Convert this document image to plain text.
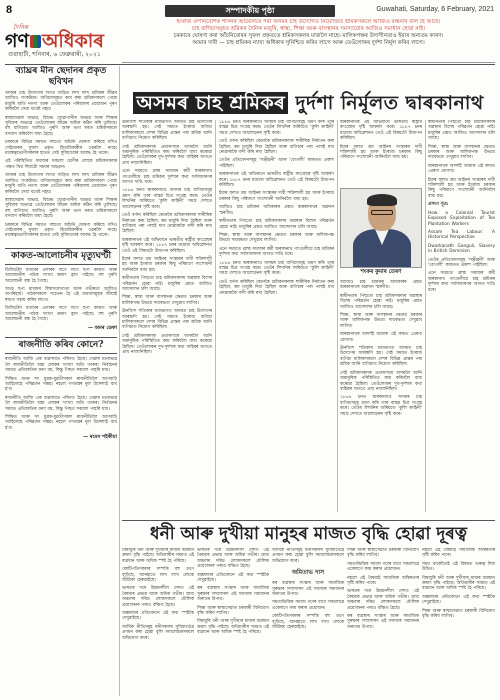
8	সম্পাদকীয় পৃষ্ঠা	Guwahati, Saturday, 6 February, 2021
দৈনিক
গণ অধিকাৰ
গুৱাহাটী, শনিবাৰ, ৬ ফেব্ৰুৱাৰী, ২০২১
ইংৰাজ ঔপনিবেশিক শাসনৰ আমোলৰে পৰা অসমৰ চাহ উদ্যোগত নিয়োজিত শ্ৰমিকসকলে আজিও বঞ্চনাৰ বলি হৈ আছে।
চাহ বাগিচাসমূহত শ্ৰমিকৰ দৈনিক মজুৰি, স্বাস্থ্য, শিক্ষা আৰু বাসস্থানৰ সমস্যাবোৰ আজিও সমাধান হোৱা নাই।
চৰকাৰে ঘোষণা কৰা আঁচনিবোৰৰ সুফল প্ৰকৃততে শ্ৰমিকসকলৰ মাজলৈ নাহে। মালিকপক্ষৰ উদাসীনতাও ইয়াৰ অন্যতম কাৰণ।
আমাৰ দাবী — চাহ শ্ৰমিকৰ ন্যায্য অধিকাৰ সুনিশ্চিত কৰিব লাগে আৰু তেওঁলোকৰ দুৰ্দশা নিৰ্মূল কৰিব লাগে।
ব্যাঘ্ৰৰ মীন ছেদানৰ প্ৰকৃত ছবিখন

অসমৰ চাহ উদ্যোগৰ লগত জড়িত লাখ লাখ শ্ৰমিকৰ জীৱন আজিও সংকটময়। বাগিচাসমূহত কাম কৰা শ্ৰমিকসকলে পোৱা মজুৰি অতি নগণ্য আৰু তেওঁলোকৰ পৰিয়ালৰ প্ৰয়োজন পূৰণ কৰিবলৈ সেয়া যথেষ্ট নহয়।

স্বাস্থ্যসেৱাৰ অভাৱ, বিশুদ্ধ খোৱাপানীৰ অভাৱ আৰু শিক্ষাৰ সুবিধাৰ অভাৱে তেওঁলোকৰ জীৱন অধিক কঠিন কৰি তুলিছে। বহু বাগিচাত আজিও পুৰণি আৰু ভগা ঘৰত শ্ৰমিকসকলে বসবাস কৰিবলৈ বাধ্য হৈছে।

চৰকাৰে বিভিন্ন সময়ত বহুতো আঁচনি ঘোষণা কৰিছে যদিও সেইবোৰৰ সুফল প্ৰকৃত হিতাধিকাৰীৰ ওচৰলৈ নাহে। মধ্যস্বত্বভোগীসকলৰ হাতত সেই সুবিধাবোৰ আবদ্ধ হৈ থাকে।

এই পৰিস্থিতিত সমাজৰ সকলো শ্ৰেণীৰ লোকে শ্ৰমিকসকলৰ পক্ষত থিয় দিয়াটো সময়ৰ আহ্বান।

অসমৰ চাহ উদ্যোগৰ লগত জড়িত লাখ লাখ শ্ৰমিকৰ জীৱন আজিও সংকটময়। বাগিচাসমূহত কাম কৰা শ্ৰমিকসকলে পোৱা মজুৰি অতি নগণ্য আৰু তেওঁলোকৰ পৰিয়ালৰ প্ৰয়োজন পূৰণ কৰিবলৈ সেয়া যথেষ্ট নহয়।

স্বাস্থ্যসেৱাৰ অভাৱ, বিশুদ্ধ খোৱাপানীৰ অভাৱ আৰু শিক্ষাৰ সুবিধাৰ অভাৱে তেওঁলোকৰ জীৱন অধিক কঠিন কৰি তুলিছে। বহু বাগিচাত আজিও পুৰণি আৰু ভগা ঘৰত শ্ৰমিকসকলে বসবাস কৰিবলৈ বাধ্য হৈছে।

চৰকাৰে বিভিন্ন সময়ত বহুতো আঁচনি ঘোষণা কৰিছে যদিও সেইবোৰৰ সুফল প্ৰকৃত হিতাধিকাৰীৰ ওচৰলৈ নাহে। মধ্যস্বত্বভোগীসকলৰ হাতত সেই সুবিধাবোৰ আবদ্ধ হৈ থাকে।

কাকত-আলোচনীৰ মৃত্যুঘণ্টী

ডিজিটেল মাধ্যমৰ প্ৰসাৰৰ লগে লগে ছপা কাকত আৰু আলোচনীৰ পাঠক সংখ্যা ক্ৰমাৎ হ্ৰাস পাইছে। বহু পুৰণি আলোচনী বন্ধ হৈ গৈছে।

অথচ ছপা মাধ্যমৰ বিশ্বাসযোগ্যতা আৰু গভীৰতা আজিও অপৰিহাৰ্য। পাঠকসকলে সচেতন হৈ এই মাধ্যমসমূহক জীয়াই ৰখাত সহায় কৰিব লাগে।

ডিজিটেল মাধ্যমৰ প্ৰসাৰৰ লগে লগে ছপা কাকত আৰু আলোচনীৰ পাঠক সংখ্যা ক্ৰমাৎ হ্ৰাস পাইছে। বহু পুৰণি আলোচনী বন্ধ হৈ গৈছে।

— অমৰ ডেকা
ৰাজনীতি কৰিব কোনে?

ৰাজনীতি আজি এক ব্যৱসায়ত পৰিণত হৈছে। সেৱাৰ মনোভাৱ লৈ ৰাজনীতিলৈ অহা লোকৰ সংখ্যা অতি তাকৰ। নিৰ্বাচনৰ সময়ত প্ৰতিশ্ৰুতিৰ বন্যা বয়, কিন্তু পিছত সকলো পাহৰি যায়।

শিক্ষিত আৰু সৎ যুৱক-যুৱতীসকল ৰাজনীতিলৈ আগবাঢ়ি আহিলেহে পৰিৱৰ্তন সম্ভৱ। নহলে গণতন্ত্ৰৰ মূল উদ্দেশ্যই ব্যৰ্থ হ'ব।

ৰাজনীতি আজি এক ব্যৱসায়ত পৰিণত হৈছে। সেৱাৰ মনোভাৱ লৈ ৰাজনীতিলৈ অহা লোকৰ সংখ্যা অতি তাকৰ। নিৰ্বাচনৰ সময়ত প্ৰতিশ্ৰুতিৰ বন্যা বয়, কিন্তু পিছত সকলো পাহৰি যায়।

শিক্ষিত আৰু সৎ যুৱক-যুৱতীসকল ৰাজনীতিলৈ আগবাঢ়ি আহিলেহে পৰিৱৰ্তন সম্ভৱ। নহলে গণতন্ত্ৰৰ মূল উদ্দেশ্যই ব্যৰ্থ হ'ব।

— ৰমেন শইকীয়া
অসমৰ চাহ শ্ৰমিকৰ দুৰ্দশা নিৰ্মূলত দ্বাৰকানাথ

ঊনবিংশ শতিকাৰ মধ্যভাগত অসমত চাহ উদ্যোগৰ আৰম্ভণি হয়। সেই সময়ত ইংৰাজ বাগিচা মালিকসকলে দেশৰ বিভিন্ন প্ৰান্তৰ পৰা শ্ৰমিক আনি বাগিচাত নিয়োগ কৰিছিল।

সেই শ্ৰমিকসকলক প্ৰতাৰণাৰে অসমলৈ আনি অমানুষিক পৰিস্থিতিত কাম কৰিবলৈ বাধ্য কৰোৱা হৈছিল। তেওঁলোকৰ দুখ-দুৰ্দশাৰ কথা বাহিৰৰ জগতে প্ৰায় নাজানিছিল।

এনে সময়তে ব্ৰাহ্ম সমাজৰ কৰ্মী দ্বাৰকানাথ গাংগুলীয়ে চাহ শ্ৰমিকৰ দুৰ্দশাৰ কথা সৰ্বসাধাৰণৰ আগত দাঙি ধৰে।

১৮৮৬ চনত দ্বাৰকানাথে অসমৰ চাহ বাগিচাসমূহ ভ্ৰমণ কৰি তাৰ বাস্তৱ চিত্ৰ সংগ্ৰহ কৰে। তেওঁৰ লিখনিৰ জৰিয়তে 'কুলি কাহিনী' সমগ্ৰ দেশতে আলোড়নৰ সৃষ্টি কৰে।

তেওঁ বৰ্ণনা কৰিছিল কেনেকৈ শ্ৰমিকসকলক শাৰীৰিক নিৰ্যাতন কৰা হৈছিল, কম মজুৰি দিয়া হৈছিল আৰু বাগিচাৰ পৰা পলাই যাব নোৱাৰাকৈ বন্দী কৰি ৰখা হৈছিল।

দ্বাৰকানাথৰ এই অভিযানে ভাৰতীয় ৰাষ্ট্ৰীয় কংগ্ৰেছৰ দৃষ্টি আকৰ্ষণ কৰে। ১৮৮৭ চনৰ মাদ্ৰাজ অধিৱেশনত তেওঁ এই বিষয়টো উত্থাপন কৰিছিল।

ইয়াৰ ফলত শ্ৰম আইনৰ সংস্কাৰৰ দাবী শক্তিশালী হয় আৰু ইংৰাজ চৰকাৰ কিছু পৰিমাণে সংশোধনী আনিবলৈ বাধ্য হয়।

স্বাধীনতাৰ পিছতো চাহ শ্ৰমিকসকলৰ অৱস্থাৰ বিশেষ পৰিৱৰ্তন হোৱা নাই। মজুৰিৰ প্ৰশ্নত আজিও আন্দোলন চলি আছে।

শিক্ষা, স্বাস্থ্য আৰু বাসস্থানৰ ক্ষেত্ৰত চৰকাৰ আৰু মালিকপক্ষ উভয়ে দায়বদ্ধতা দেখুৱাব লাগিব।

ঊনবিংশ শতিকাৰ মধ্যভাগত অসমত চাহ উদ্যোগৰ আৰম্ভণি হয়। সেই সময়ত ইংৰাজ বাগিচা মালিকসকলে দেশৰ বিভিন্ন প্ৰান্তৰ পৰা শ্ৰমিক আনি বাগিচাত নিয়োগ কৰিছিল।

সেই শ্ৰমিকসকলক প্ৰতাৰণাৰে অসমলৈ আনি অমানুষিক পৰিস্থিতিত কাম কৰিবলৈ বাধ্য কৰোৱা হৈছিল। তেওঁলোকৰ দুখ-দুৰ্দশাৰ কথা বাহিৰৰ জগতে প্ৰায় নাজানিছিল।

১৮৮৬ চনত দ্বাৰকানাথে অসমৰ চাহ বাগিচাসমূহ ভ্ৰমণ কৰি তাৰ বাস্তৱ চিত্ৰ সংগ্ৰহ কৰে। তেওঁৰ লিখনিৰ জৰিয়তে 'কুলি কাহিনী' সমগ্ৰ দেশতে আলোড়নৰ সৃষ্টি কৰে।

তেওঁ বৰ্ণনা কৰিছিল কেনেকৈ শ্ৰমিকসকলক শাৰীৰিক নিৰ্যাতন কৰা হৈছিল, কম মজুৰি দিয়া হৈছিল আৰু বাগিচাৰ পৰা পলাই যাব নোৱাৰাকৈ বন্দী কৰি ৰখা হৈছিল।

তেওঁৰ প্ৰতিবেদনসমূহ 'সঞ্জীৱনী' আৰু 'বেংগলী' কাকতত প্ৰকাশ পাইছিল।

দ্বাৰকানাথৰ এই অভিযানে ভাৰতীয় ৰাষ্ট্ৰীয় কংগ্ৰেছৰ দৃষ্টি আকৰ্ষণ কৰে। ১৮৮৭ চনৰ মাদ্ৰাজ অধিৱেশনত তেওঁ এই বিষয়টো উত্থাপন কৰিছিল।

ইয়াৰ ফলত শ্ৰম আইনৰ সংস্কাৰৰ দাবী শক্তিশালী হয় আৰু ইংৰাজ চৰকাৰ কিছু পৰিমাণে সংশোধনী আনিবলৈ বাধ্য হয়।

আজিও চাহ শ্ৰমিকৰ অধিকাৰৰ প্ৰশ্নত দ্বাৰকানাথৰ অৱদান স্মৰণীয়।

স্বাধীনতাৰ পিছতো চাহ শ্ৰমিকসকলৰ অৱস্থাৰ বিশেষ পৰিৱৰ্তন হোৱা নাই। মজুৰিৰ প্ৰশ্নত আজিও আন্দোলন চলি আছে।

শিক্ষা, স্বাস্থ্য আৰু বাসস্থানৰ ক্ষেত্ৰত চৰকাৰ আৰু মালিকপক্ষ উভয়ে দায়বদ্ধতা দেখুৱাব লাগিব।

এনে সময়তে ব্ৰাহ্ম সমাজৰ কৰ্মী দ্বাৰকানাথ গাংগুলীয়ে চাহ শ্ৰমিকৰ দুৰ্দশাৰ কথা সৰ্বসাধাৰণৰ আগত দাঙি ধৰে।

১৮৮৬ চনত দ্বাৰকানাথে অসমৰ চাহ বাগিচাসমূহ ভ্ৰমণ কৰি তাৰ বাস্তৱ চিত্ৰ সংগ্ৰহ কৰে। তেওঁৰ লিখনিৰ জৰিয়তে 'কুলি কাহিনী' সমগ্ৰ দেশতে আলোড়নৰ সৃষ্টি কৰে।

তেওঁ বৰ্ণনা কৰিছিল কেনেকৈ শ্ৰমিকসকলক শাৰীৰিক নিৰ্যাতন কৰা হৈছিল, কম মজুৰি দিয়া হৈছিল আৰু বাগিচাৰ পৰা পলাই যাব নোৱাৰাকৈ বন্দী কৰি ৰখা হৈছিল।

দ্বাৰকানাথৰ এই অভিযানে ভাৰতীয় ৰাষ্ট্ৰীয় কংগ্ৰেছৰ দৃষ্টি আকৰ্ষণ কৰে। ১৮৮৭ চনৰ মাদ্ৰাজ অধিৱেশনত তেওঁ এই বিষয়টো উত্থাপন কৰিছিল।

ইয়াৰ ফলত শ্ৰম আইনৰ সংস্কাৰৰ দাবী শক্তিশালী হয় আৰু ইংৰাজ চৰকাৰ কিছু পৰিমাণে সংশোধনী আনিবলৈ বাধ্য হয়।

শংকৰ কুমাৰ তেৰণ

আজিও চাহ শ্ৰমিকৰ অধিকাৰৰ প্ৰশ্নত দ্বাৰকানাথৰ অৱদান স্মৰণীয়।

স্বাধীনতাৰ পিছতো চাহ শ্ৰমিকসকলৰ অৱস্থাৰ বিশেষ পৰিৱৰ্তন হোৱা নাই। মজুৰিৰ প্ৰশ্নত আজিও আন্দোলন চলি আছে।

শিক্ষা, স্বাস্থ্য আৰু বাসস্থানৰ ক্ষেত্ৰত চৰকাৰ আৰু মালিকপক্ষ উভয়ে দায়বদ্ধতা দেখুৱাব লাগিব।

দ্বাৰকানাথৰ আদৰ্শই আমাক এই কামত প্ৰেৰণা যোগাব।

ঊনবিংশ শতিকাৰ মধ্যভাগত অসমত চাহ উদ্যোগৰ আৰম্ভণি হয়। সেই সময়ত ইংৰাজ বাগিচা মালিকসকলে দেশৰ বিভিন্ন প্ৰান্তৰ পৰা শ্ৰমিক আনি বাগিচাত নিয়োগ কৰিছিল।

সেই শ্ৰমিকসকলক প্ৰতাৰণাৰে অসমলৈ আনি অমানুষিক পৰিস্থিতিত কাম কৰিবলৈ বাধ্য কৰোৱা হৈছিল। তেওঁলোকৰ দুখ-দুৰ্দশাৰ কথা বাহিৰৰ জগতে প্ৰায় নাজানিছিল।

১৮৮৬ চনত দ্বাৰকানাথে অসমৰ চাহ বাগিচাসমূহ ভ্ৰমণ কৰি তাৰ বাস্তৱ চিত্ৰ সংগ্ৰহ কৰে। তেওঁৰ লিখনিৰ জৰিয়তে 'কুলি কাহিনী' সমগ্ৰ দেশতে আলোড়নৰ সৃষ্টি কৰে।

স্বাধীনতাৰ পিছতো চাহ শ্ৰমিকসকলৰ অৱস্থাৰ বিশেষ পৰিৱৰ্তন হোৱা নাই। মজুৰিৰ প্ৰশ্নত আজিও আন্দোলন চলি আছে।

শিক্ষা, স্বাস্থ্য আৰু বাসস্থানৰ ক্ষেত্ৰত চৰকাৰ আৰু মালিকপক্ষ উভয়ে দায়বদ্ধতা দেখুৱাব লাগিব।

দ্বাৰকানাথৰ আদৰ্শই আমাক এই কামত প্ৰেৰণা যোগাব।

ইয়াৰ ফলত শ্ৰম আইনৰ সংস্কাৰৰ দাবী শক্তিশালী হয় আৰু ইংৰাজ চৰকাৰ কিছু পৰিমাণে সংশোধনী আনিবলৈ বাধ্য হয়।

প্ৰসংগ সূত্ৰ:

How a Colonial Tourist Exposed Exploitation of Tea Plantation Workers

Assam Tea Labour: A Historical Perspective

Dwarkanath Ganguli, Slavery in British Dominion

তেওঁৰ প্ৰতিবেদনসমূহ 'সঞ্জীৱনী' আৰু 'বেংগলী' কাকতত প্ৰকাশ পাইছিল।

এনে সময়তে ব্ৰাহ্ম সমাজৰ কৰ্মী দ্বাৰকানাথ গাংগুলীয়ে চাহ শ্ৰমিকৰ দুৰ্দশাৰ কথা সৰ্বসাধাৰণৰ আগত দাঙি ধৰে।

ধনী আৰু দুখীয়া মানুহৰ মাজত বৃদ্ধি হোৱা দূৰত্ব

বিশ্বজুৰি ধনী আৰু দুখীয়াৰ মাজৰ ব্যৱধান ক্ৰমাৎ বৃদ্ধি পাইছে। অতিমাৰীৰ সময়ত এই ব্যৱধান আৰু অধিক স্পষ্ট হৈ পৰিছে।

কোটিপতিসকলৰ সম্পত্তি বহু গুণে বাঢ়িছে, আনহাতে লাখ লাখ লোকে জীৱিকা হেৰুৱাইছে।

ভাৰতৰ দৰে উন্নয়নশীল দেশত এই বৈষম্যৰ প্ৰভাৱ আৰু অধিক গভীৰ। গ্ৰাম্য অঞ্চলৰ দৰিদ্ৰ লোকসকলে মৌলিক প্ৰয়োজনৰ পৰাও বঞ্চিত হৈছে।

অক্সফামৰ প্ৰতিবেদনে এই কথা স্পষ্টকৈ দেখুৱাইছে।

আৰ্থিক নীতিসমূহ ধনীসকলৰ সুবিধাৰ্থেহে প্ৰণয়ন কৰা হোৱা বুলি সমালোচকসকলে অভিযোগ কৰে।

ভাৰতৰ দৰে উন্নয়নশীল দেশত এই বৈষম্যৰ প্ৰভাৱ আৰু অধিক গভীৰ। গ্ৰাম্য অঞ্চলৰ দৰিদ্ৰ লোকসকলে মৌলিক প্ৰয়োজনৰ পৰাও বঞ্চিত হৈছে।

অক্সফামৰ প্ৰতিবেদনে এই কথা স্পষ্টকৈ দেখুৱাইছে।

কৰ ব্যৱস্থাৰ সংস্কাৰ আৰু সামাজিক সুৰক্ষাৰ সম্প্ৰসাৰণ এই সমস্যাৰ সমাধানৰ অন্যতম উপায়।

শিক্ষা আৰু স্বাস্থ্যসেৱাত চৰকাৰী বিনিয়োগ বৃদ্ধি কৰিব লাগিব।

বিশ্বজুৰি ধনী আৰু দুখীয়াৰ মাজৰ ব্যৱধান ক্ৰমাৎ বৃদ্ধি পাইছে। অতিমাৰীৰ সময়ত এই ব্যৱধান আৰু অধিক স্পষ্ট হৈ পৰিছে।

আৰ্থিক নীতিসমূহ ধনীসকলৰ সুবিধাৰ্থেহে প্ৰণয়ন কৰা হোৱা বুলি সমালোচকসকলে অভিযোগ কৰে।

অমিতাভ দাস

কৰ ব্যৱস্থাৰ সংস্কাৰ আৰু সামাজিক সুৰক্ষাৰ সম্প্ৰসাৰণ এই সমস্যাৰ সমাধানৰ অন্যতম উপায়।

সমতাভিত্তিক সমাজ গঢ়াৰ বাবে সকলোৱে একেলগে কাম কৰাৰ প্ৰয়োজন।

কোটিপতিসকলৰ সম্পত্তি বহু গুণে বাঢ়িছে, আনহাতে লাখ লাখ লোকে জীৱিকা হেৰুৱাইছে।

শিক্ষা আৰু স্বাস্থ্যসেৱাত চৰকাৰী বিনিয়োগ বৃদ্ধি কৰিব লাগিব।

সমতাভিত্তিক সমাজ গঢ়াৰ বাবে সকলোৱে একেলগে কাম কৰাৰ প্ৰয়োজন।

নহলে এই বৈষম্যই সামাজিক অস্থিৰতাৰ সৃষ্টি কৰিব পাৰে।

ভাৰতৰ দৰে উন্নয়নশীল দেশত এই বৈষম্যৰ প্ৰভাৱ আৰু অধিক গভীৰ। গ্ৰাম্য অঞ্চলৰ দৰিদ্ৰ লোকসকলে মৌলিক প্ৰয়োজনৰ পৰাও বঞ্চিত হৈছে।

কৰ ব্যৱস্থাৰ সংস্কাৰ আৰু সামাজিক সুৰক্ষাৰ সম্প্ৰসাৰণ এই সমস্যাৰ সমাধানৰ অন্যতম উপায়।

নহলে এই বৈষম্যই সামাজিক অস্থিৰতাৰ সৃষ্টি কৰিব পাৰে।

সময় থাকোঁতেই এই বিষয়ত গুৰুত্ব দিয়া উচিত।

বিশ্বজুৰি ধনী আৰু দুখীয়াৰ মাজৰ ব্যৱধান ক্ৰমাৎ বৃদ্ধি পাইছে। অতিমাৰীৰ সময়ত এই ব্যৱধান আৰু অধিক স্পষ্ট হৈ পৰিছে।

অক্সফামৰ প্ৰতিবেদনে এই কথা স্পষ্টকৈ দেখুৱাইছে।

শিক্ষা আৰু স্বাস্থ্যসেৱাত চৰকাৰী বিনিয়োগ বৃদ্ধি কৰিব লাগিব।
